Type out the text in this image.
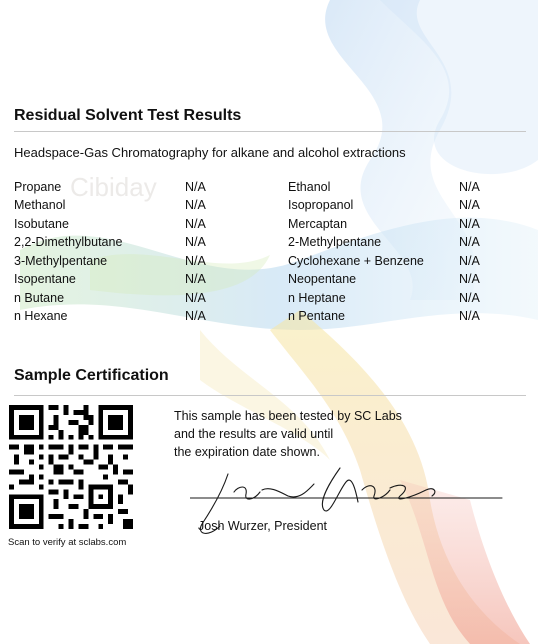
Cibiday
Residual Solvent Test Results
Headspace-Gas Chromatography for alkane and alcohol extractions
Propane	N/A
Methanol	N/A
Isobutane	N/A
2,2-Dimethylbutane	N/A
3-Methylpentane	N/A
Isopentane	N/A
n Butane	N/A
n Hexane	N/A
Ethanol	N/A
Isopropanol	N/A
Mercaptan	N/A
2-Methylpentane	N/A
Cyclohexane + Benzene	N/A
Neopentane	N/A
n Heptane	N/A
n Pentane	N/A
Sample Certification
Scan to verify at sclabs.com
This sample has been tested by SC Labs
and the results are valid until
the expiration date shown.
Josh Wurzer, President
